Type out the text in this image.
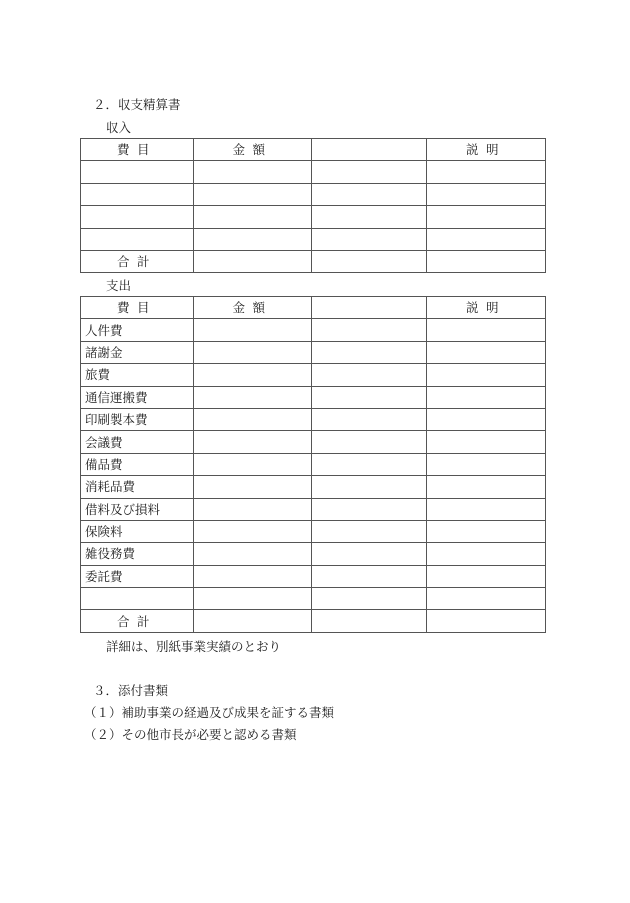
２．収支精算書
収入
費目	金額		説明

合計			
支出
費目	金額		説明
人件費			
諸謝金			
旅費			
通信運搬費			
印刷製本費			
会議費			
備品費			
消耗品費			
借料及び損料			
保険料			
雑役務費			
委託費			

合計			
詳細は、別紙事業実績のとおり
３．添付書類
（１）補助事業の経過及び成果を証する書類
（２）その他市長が必要と認める書類
